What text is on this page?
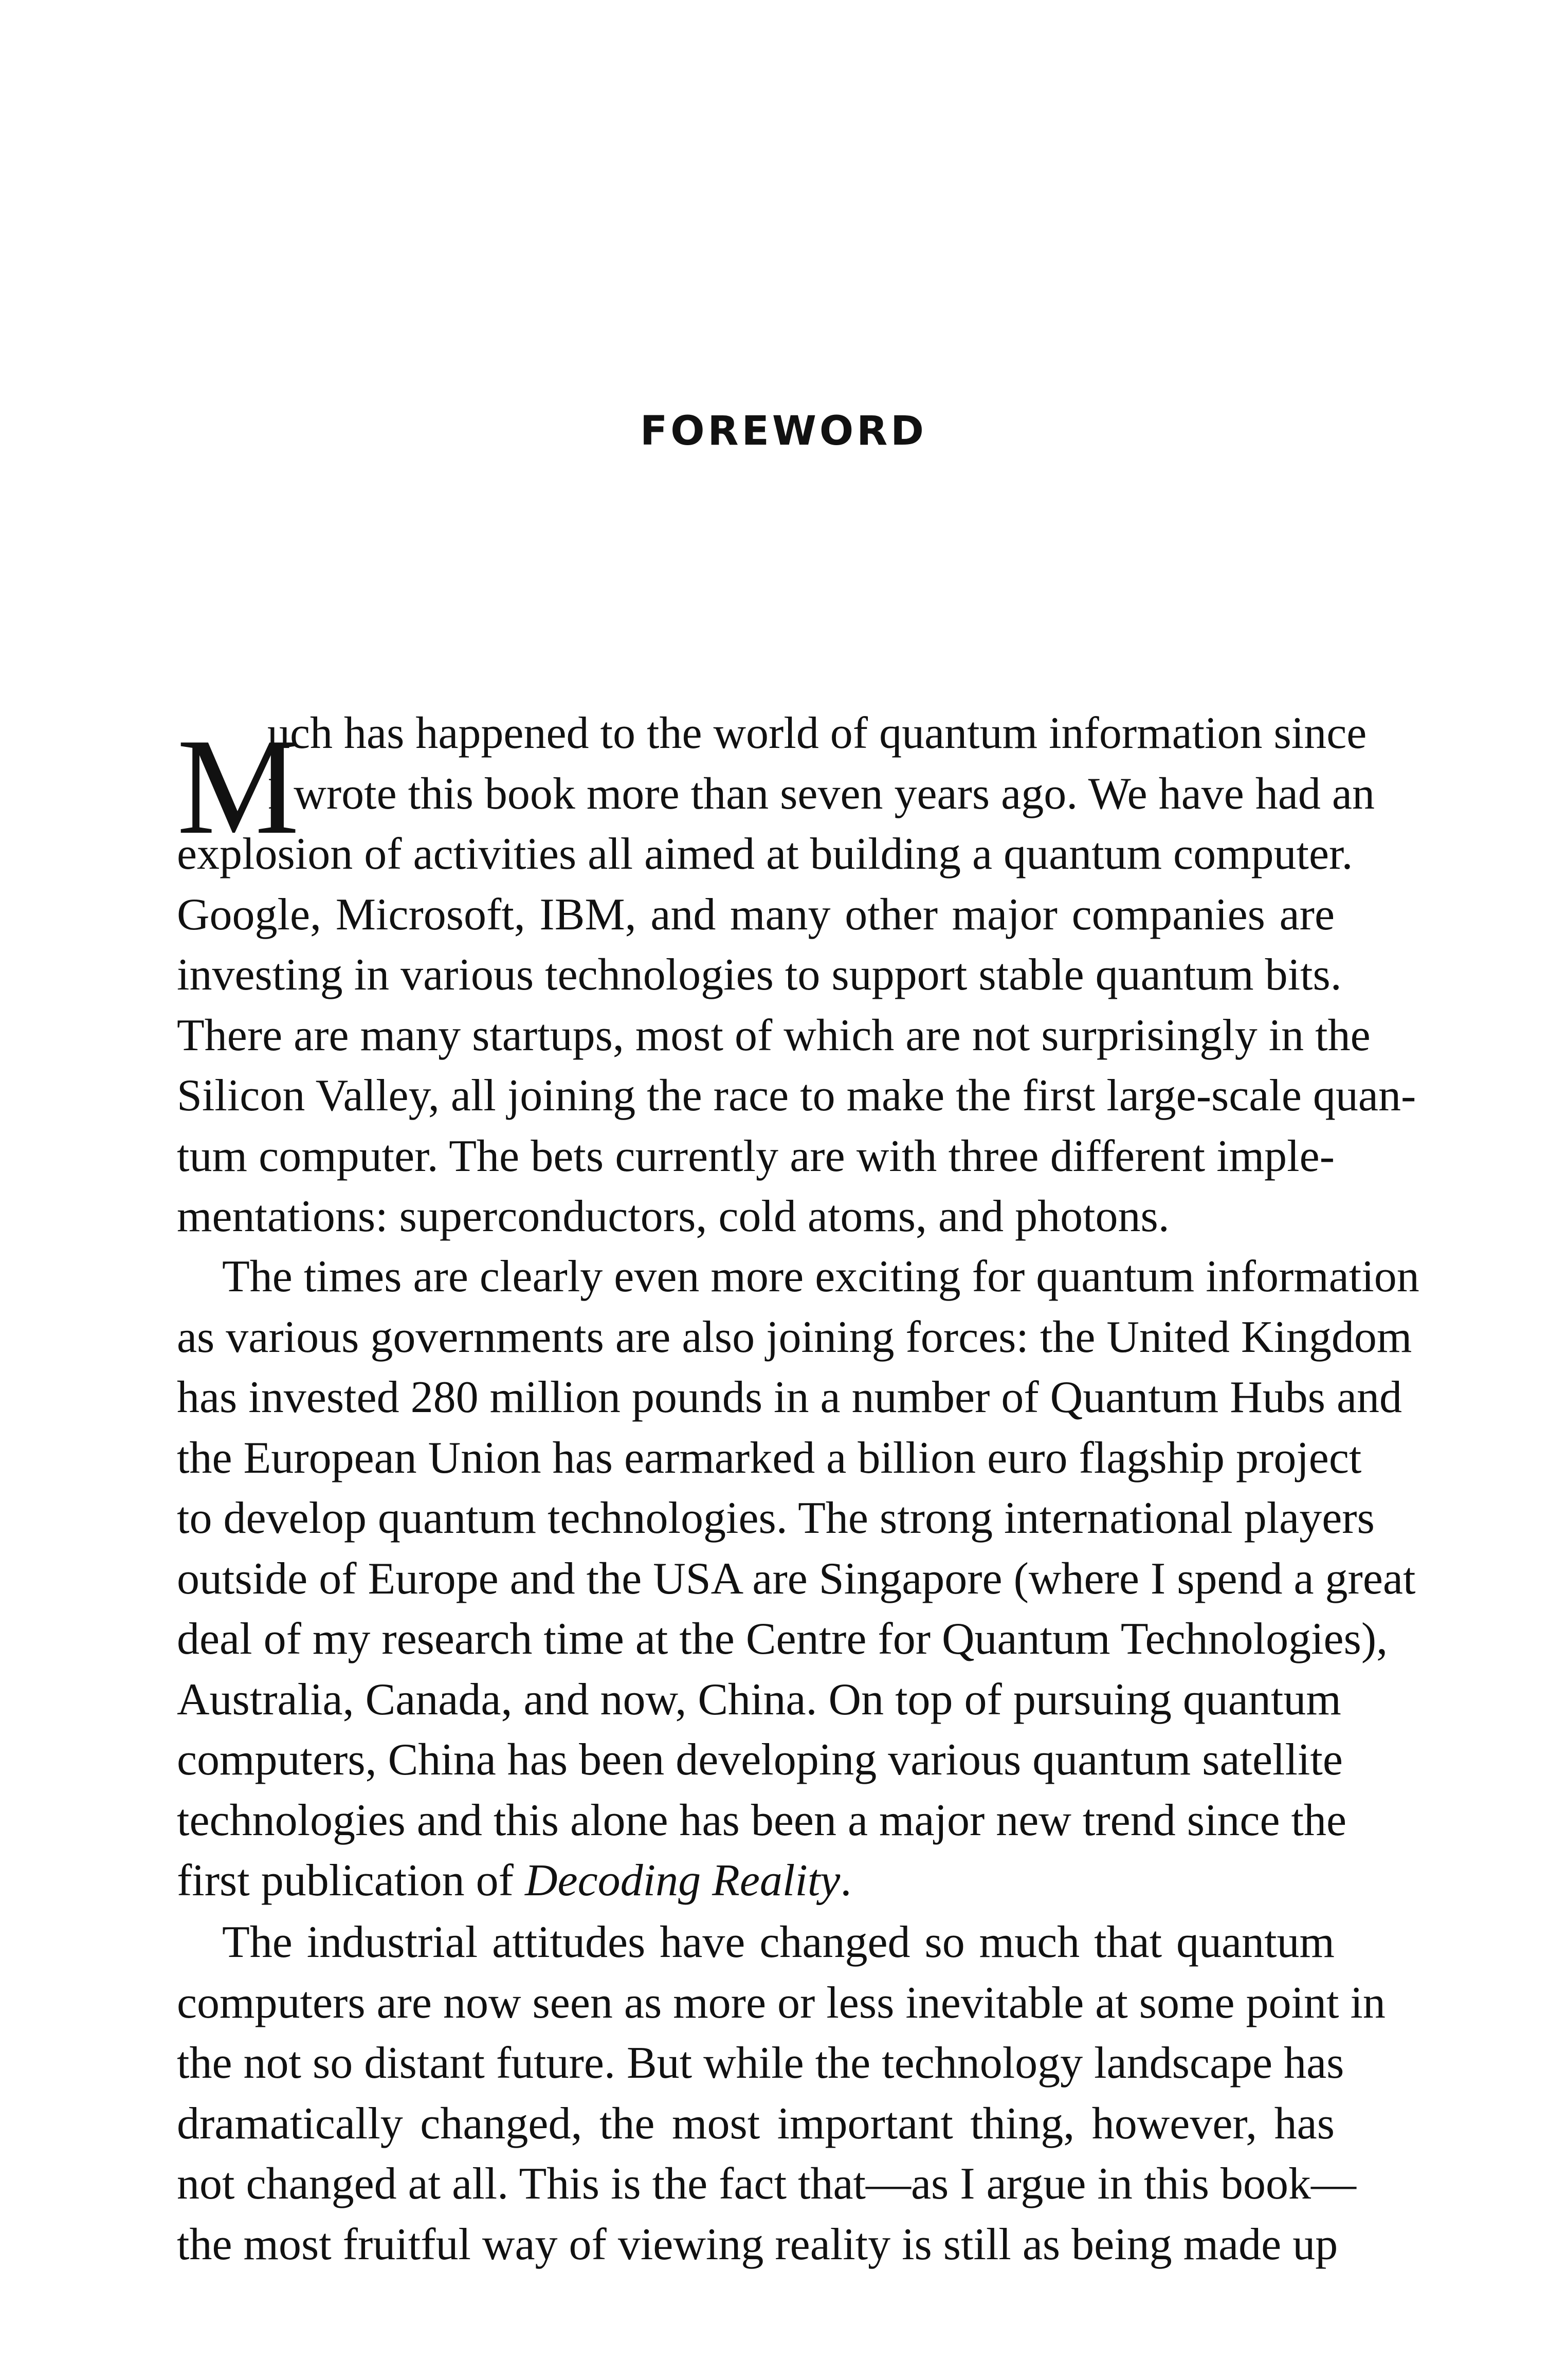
FOREWORD
M
uch has happened to the world of quantum information since
I wrote this book more than seven years ago. We have had an
explosion of activities all aimed at building a quantum computer.
Google, Microsoft, IBM, and many other major companies are
investing in various technologies to support stable quantum bits.
There are many startups, most of which are not surprisingly in the
Silicon Valley, all joining the race to make the first large-scale quan-
tum computer. The bets currently are with three different imple-
mentations: superconductors, cold atoms, and photons.
The times are clearly even more exciting for quantum information
as various governments are also joining forces: the United Kingdom
has invested 280 million pounds in a number of Quantum Hubs and
the European Union has earmarked a billion euro flagship project
to develop quantum technologies. The strong international players
outside of Europe and the USA are Singapore (where I spend a great
deal of my research time at the Centre for Quantum Technologies),
Australia, Canada, and now, China. On top of pursuing quantum
computers, China has been developing various quantum satellite
technologies and this alone has been a major new trend since the
first publication of Decoding Reality.
The industrial attitudes have changed so much that quantum
computers are now seen as more or less inevitable at some point in
the not so distant future. But while the technology landscape has
dramatically changed, the most important thing, however, has
not changed at all. This is the fact that—as I argue in this book—
the most fruitful way of viewing reality is still as being made up
